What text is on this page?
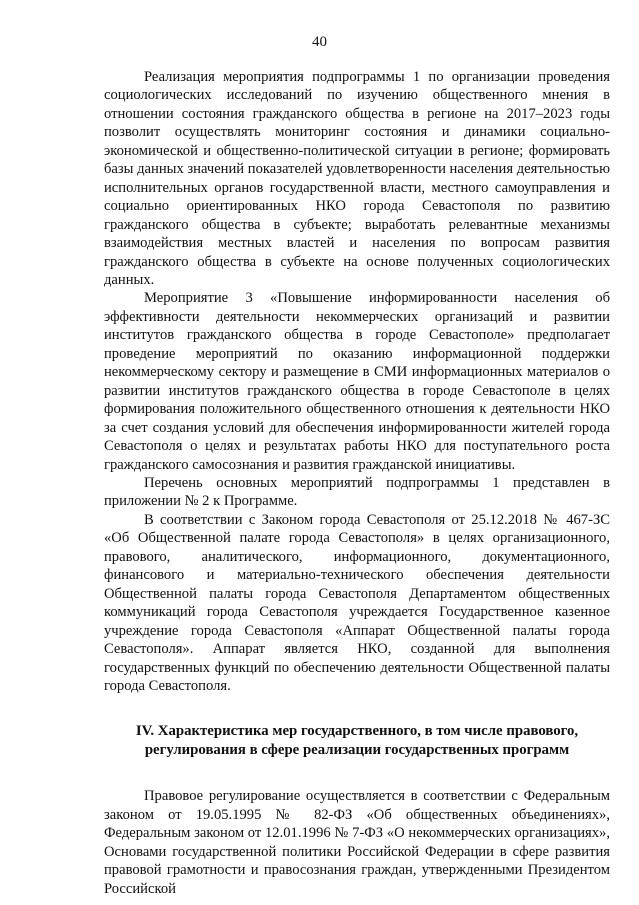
40

Реализация мероприятия подпрограммы 1 по организации проведения социологических исследований по изучению общественного мнения в отношении состояния гражданского общества в регионе на 2017–2023 годы позволит осуществлять мониторинг состояния и динамики социально-экономической и общественно-политической ситуации в регионе; формировать базы данных значений показателей удовлетворенности населения деятельностью исполнительных органов государственной власти, местного самоуправления и социально ориентированных НКО города Севастополя по развитию гражданского общества в субъекте; выработать релевантные механизмы взаимодействия местных властей и населения по вопросам развития гражданского общества в субъекте на основе полученных социологических данных.

Мероприятие 3 «Повышение информированности населения об эффективности деятельности некоммерческих организаций и развитии институтов гражданского общества в городе Севастополе» предполагает проведение мероприятий по оказанию информационной поддержки некоммерческому сектору и размещение в СМИ информационных материалов о развитии институтов гражданского общества в городе Севастополе в целях формирования положительного общественного отношения к деятельности НКО за счет создания условий для обеспечения информированности жителей города Севастополя о целях и результатах работы НКО для поступательного роста гражданского самосознания и развития гражданской инициативы.

Перечень основных мероприятий подпрограммы 1 представлен в приложении № 2 к Программе.

В соответствии с Законом города Севастополя от 25.12.2018 № 467-ЗС «Об Общественной палате города Севастополя» в целях организационного, правового, аналитического, информационного, документационного, финансового и материально-технического обеспечения деятельности Общественной палаты города Севастополя Департаментом общественных коммуникаций города Севастополя учреждается Государственное казенное учреждение города Севастополя «Аппарат Общественной палаты города Севастополя». Аппарат является НКО, созданной для выполнения государственных функций по обеспечению деятельности Общественной палаты города Севастополя.

IV. Характеристика мер государственного, в том числе правового, регулирования в сфере реализации государственных программ

Правовое регулирование осуществляется в соответствии с Федеральным законом от 19.05.1995 № 82-ФЗ «Об общественных объединениях», Федеральным законом от 12.01.1996 № 7-ФЗ «О некоммерческих организациях», Основами государственной политики Российской Федерации в сфере развития правовой грамотности и правосознания граждан, утвержденными Президентом Российской
